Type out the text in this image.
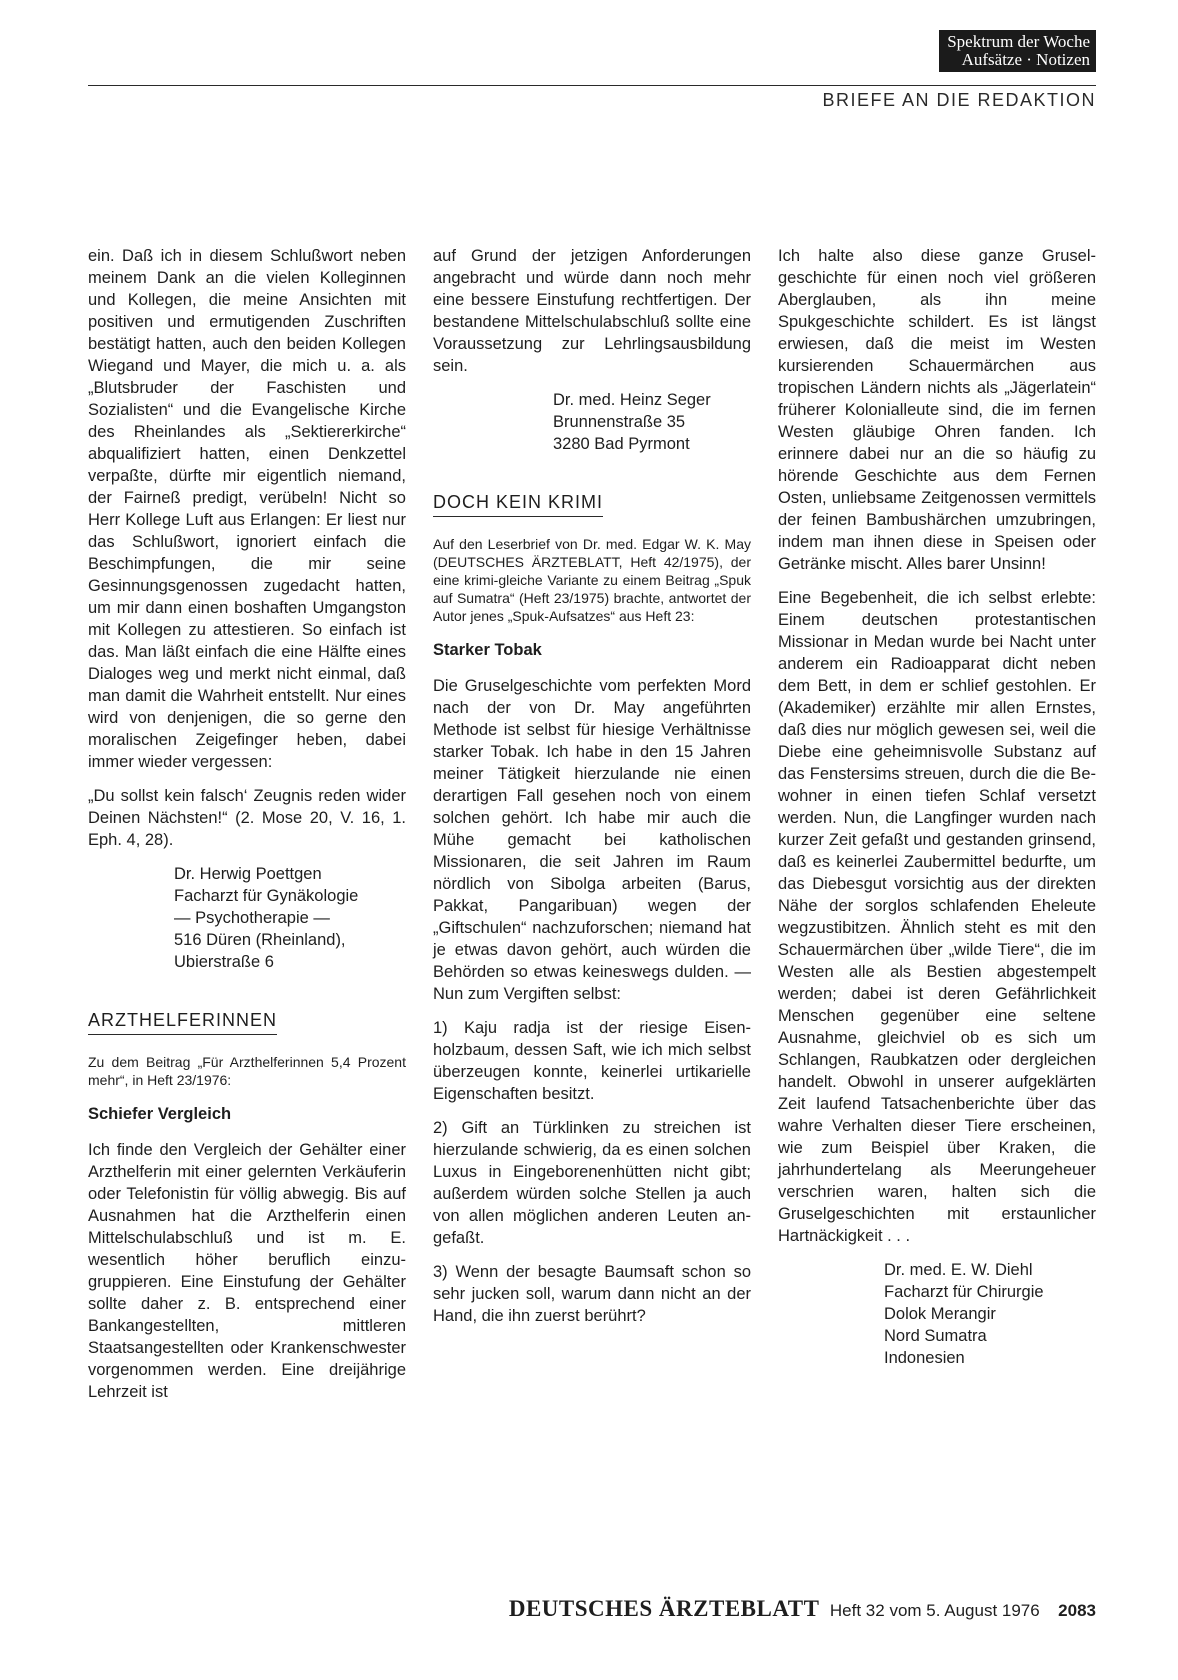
Spektrum der Woche
Aufsätze · Notizen
BRIEFE AN DIE REDAKTION

ein. Daß ich in diesem Schlußwort neben meinem Dank an die vielen Kolleginnen und Kollegen, die meine Ansichten mit positiven und ermutigenden Zuschriften bestätigt hatten, auch den beiden Kollegen Wiegand und Mayer, die mich u. a. als „Blutsbruder der Faschisten und Sozialisten“ und die Evangelische Kirche des Rheinlandes als „Sektiererkirche“ abqualifiziert hatten, einen Denkzettel verpaßte, dürfte mir eigentlich niemand, der Fairneß predigt, verübeln! Nicht so Herr Kollege Luft aus Erlangen: Er liest nur das Schlußwort, ignoriert einfach die Beschimpfungen, die mir seine Gesinnungsgenossen zugedacht hatten, um mir dann einen boshaften Umgangston mit Kollegen zu attestieren. So einfach ist das. Man läßt einfach die eine Hälfte eines Dialoges weg und merkt nicht einmal, daß man damit die Wahrheit entstellt. Nur eines wird von denjenigen, die so gerne den moralischen Zeigefinger heben, dabei immer wieder vergessen:

„Du sollst kein falsch‘ Zeugnis reden wider Deinen Nächsten!“ (2. Mose 20, V. 16, 1. Eph. 4, 28).

Dr. Herwig Poettgen
Facharzt für Gynäkologie
— Psychotherapie —
516 Düren (Rheinland),
Ubierstraße 6
ARZTHELFERINNEN
Zu dem Beitrag „Für Arzthelferinnen 5,4 Prozent mehr“, in Heft 23/1976:
Schiefer Vergleich

Ich finde den Vergleich der Gehälter einer Arzthelferin mit einer gelernten Verkäuferin oder Telefonistin für völlig abwegig. Bis auf Ausnahmen hat die Arzthelferin einen Mittelschulabschluß und ist m. E. wesentlich höher beruflich einzugruppieren. Eine Einstufung der Gehälter sollte daher z. B. entsprechend einer Bankangestellten, mittleren Staatsangestellten oder Krankenschwester vorgenommen werden. Eine dreijährige Lehrzeit ist

auf Grund der jetzigen Anforderungen angebracht und würde dann noch mehr eine bessere Einstufung rechtfertigen. Der bestandene Mittelschulabschluß sollte eine Voraussetzung zur Lehrlingsausbildung sein.

Dr. med. Heinz Seger
Brunnenstraße 35
3280 Bad Pyrmont
DOCH KEIN KRIMI
Auf den Leserbrief von Dr. med. Edgar W. K. May (DEUTSCHES ÄRZTEBLATT, Heft 42/1975), der eine krimi-gleiche Variante zu einem Beitrag „Spuk auf Sumatra“ (Heft 23/1975) brachte, antwortet der Autor jenes „Spuk-Aufsatzes“ aus Heft 23:
Starker Tobak

Die Gruselgeschichte vom perfekten Mord nach der von Dr. May angeführten Methode ist selbst für hiesige Verhältnisse starker Tobak. Ich habe in den 15 Jahren meiner Tätigkeit hierzulande nie einen derartigen Fall gesehen noch von einem solchen gehört. Ich habe mir auch die Mühe gemacht bei katholischen Missionaren, die seit Jahren im Raum nördlich von Sibolga arbeiten (Barus, Pakkat, Pangaribuan) wegen der „Giftschulen“ nachzuforschen; niemand hat je etwas davon gehört, auch würden die Behörden so etwas keineswegs dulden. — Nun zum Vergiften selbst:

1) Kaju radja ist der riesige Eisenholzbaum, dessen Saft, wie ich mich selbst überzeugen konnte, keinerlei urtikarielle Eigenschaften besitzt.

2) Gift an Türklinken zu streichen ist hierzulande schwierig, da es einen solchen Luxus in Eingeborenenhütten nicht gibt; außerdem würden solche Stellen ja auch von allen möglichen anderen Leuten angefaßt.

3) Wenn der besagte Baumsaft schon so sehr jucken soll, warum dann nicht an der Hand, die ihn zuerst berührt?

Ich halte also diese ganze Gruselgeschichte für einen noch viel größeren Aberglauben, als ihn meine Spukgeschichte schildert. Es ist längst erwiesen, daß die meist im Westen kursierenden Schauermärchen aus tropischen Ländern nichts als „Jägerlatein“ früherer Kolonialleute sind, die im fernen Westen gläubige Ohren fanden. Ich erinnere dabei nur an die so häufig zu hörende Geschichte aus dem Fernen Osten, unliebsame Zeitgenossen vermittels der feinen Bambushärchen umzubringen, indem man ihnen diese in Speisen oder Getränke mischt. Alles barer Unsinn!

Eine Begebenheit, die ich selbst erlebte: Einem deutschen protestantischen Missionar in Medan wurde bei Nacht unter anderem ein Radioapparat dicht neben dem Bett, in dem er schlief gestohlen. Er (Akademiker) erzählte mir allen Ernstes, daß dies nur möglich gewesen sei, weil die Diebe eine geheimnisvolle Substanz auf das Fenstersims streuen, durch die die Bewohner in einen tiefen Schlaf versetzt werden. Nun, die Langfinger wurden nach kurzer Zeit gefaßt und gestanden grinsend, daß es keinerlei Zaubermittel bedurfte, um das Diebesgut vorsichtig aus der direkten Nähe der sorglos schlafenden Eheleute wegzustibitzen. Ähnlich steht es mit den Schauermärchen über „wilde Tiere“, die im Westen alle als Bestien abgestempelt werden; dabei ist deren Gefährlichkeit Menschen gegenüber eine seltene Ausnahme, gleichviel ob es sich um Schlangen, Raubkatzen oder dergleichen handelt. Obwohl in unserer aufgeklärten Zeit laufend Tatsachenberichte über das wahre Verhalten dieser Tiere erscheinen, wie zum Beispiel über Kraken, die jahrhundertelang als Meerungeheuer verschrien waren, halten sich die Gruselgeschichten mit erstaunlicher Hartnäckigkeit . . .

Dr. med. E. W. Diehl
Facharzt für Chirurgie
Dolok Merangir
Nord Sumatra
Indonesien
DEUTSCHES ÄRZTEBLATT Heft 32 vom 5. August 1976 2083
